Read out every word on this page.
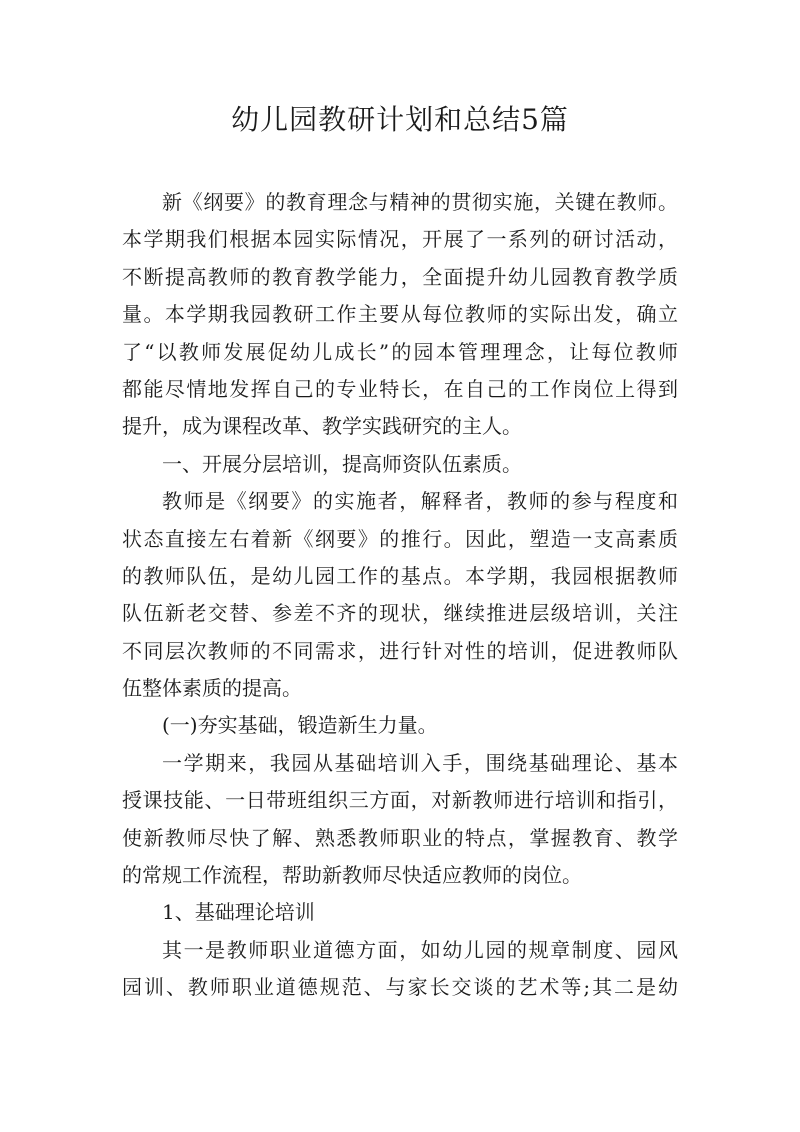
幼儿园教研计划和总结5篇
新《纲要》的教育理念与精神的贯彻实施，关键在教师。
本学期我们根据本园实际情况，开展了一系列的研讨活动，
不断提高教师的教育教学能力，全面提升幼儿园教育教学质
量。本学期我园教研工作主要从每位教师的实际出发，确立
了“以教师发展促幼儿成长”的园本管理理念，让每位教师
都能尽情地发挥自己的专业特长，在自己的工作岗位上得到
提升，成为课程改革、教学实践研究的主人。
一、开展分层培训，提高师资队伍素质。
教师是《纲要》的实施者，解释者，教师的参与程度和
状态直接左右着新《纲要》的推行。因此，塑造一支高素质
的教师队伍，是幼儿园工作的基点。本学期，我园根据教师
队伍新老交替、参差不齐的现状，继续推进层级培训，关注
不同层次教师的不同需求，进行针对性的培训，促进教师队
伍整体素质的提高。
(一)夯实基础，锻造新生力量。
一学期来，我园从基础培训入手，围绕基础理论、基本
授课技能、一日带班组织三方面，对新教师进行培训和指引，
使新教师尽快了解、熟悉教师职业的特点，掌握教育、教学
的常规工作流程，帮助新教师尽快适应教师的岗位。
1、基础理论培训
其一是教师职业道德方面，如幼儿园的规章制度、园风
园训、教师职业道德规范、与家长交谈的艺术等;其二是幼
